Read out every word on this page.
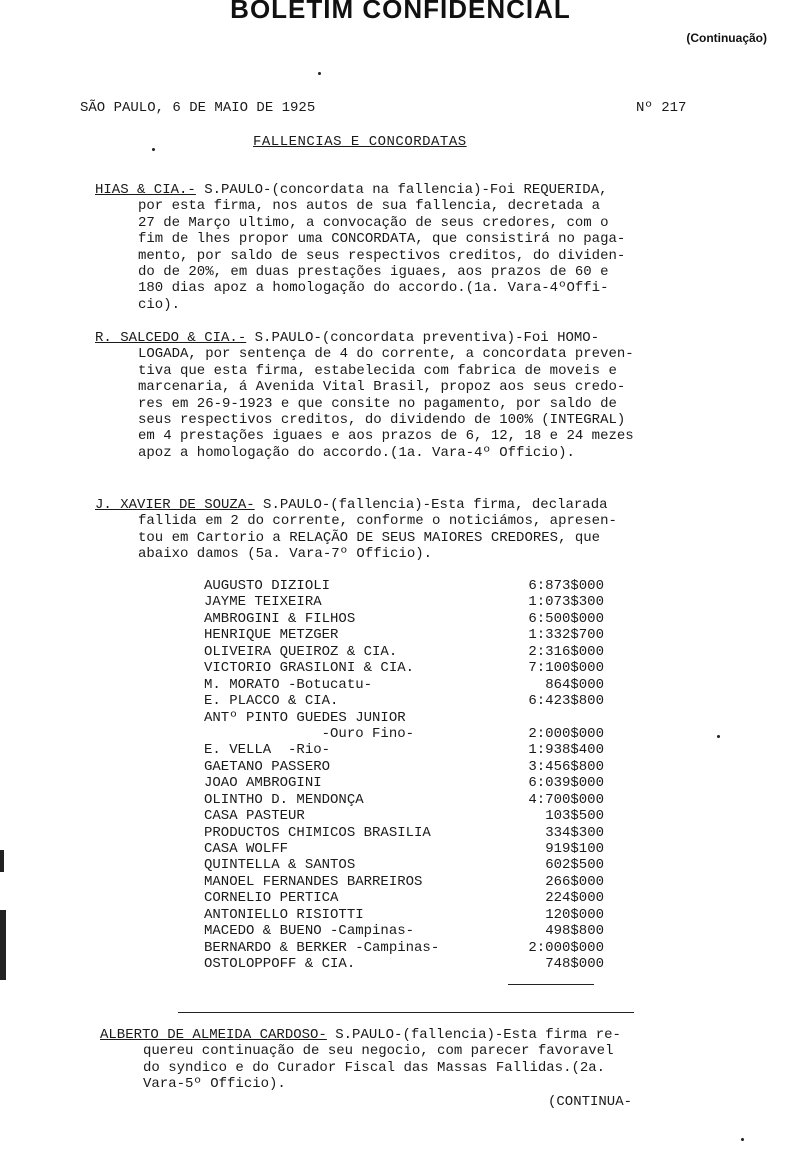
BOLETIM CONFIDENCIAL
(Continuação)
SÃO PAULO, 6 DE MAIO DE 1925	Nº 217
FALLENCIAS E CONCORDATAS
HIAS & CIA.- S.PAULO-(concordata na fallencia)-Foi REQUERIDA,
por esta firma, nos autos de sua fallencia, decretada a
27 de Março ultimo, a convocação de seus credores, com o
fim de lhes propor uma CONCORDATA, que consistirá no paga-
mento, por saldo de seus respectivos creditos, do dividen-
do de 20%, em duas prestações iguaes, aos prazos de 60 e
180 dias apoz a homologação do accordo.(1a. Vara-4ºOffi-
cio).
R. SALCEDO & CIA.- S.PAULO-(concordata preventiva)-Foi HOMO-
LOGADA, por sentença de 4 do corrente, a concordata preven-
tiva que esta firma, estabelecida com fabrica de moveis e
marcenaria, á Avenida Vital Brasil, propoz aos seus credo-
res em 26-9-1923 e que consite no pagamento, por saldo de
seus respectivos creditos, do dividendo de 100% (INTEGRAL)
em 4 prestações iguaes e aos prazos de 6, 12, 18 e 24 mezes
apoz a homologação do accordo.(1a. Vara-4º Officio).
J. XAVIER DE SOUZA- S.PAULO-(fallencia)-Esta firma, declarada
fallida em 2 do corrente, conforme o noticiámos, apresen-
tou em Cartorio a RELAÇÃO DE SEUS MAIORES CREDORES, que
abaixo damos (5a. Vara-7º Officio).
AUGUSTO DIZIOLI	6:873$000
JAYME TEIXEIRA	1:073$300
AMBROGINI & FILHOS	6:500$000
HENRIQUE METZGER	1:332$700
OLIVEIRA QUEIROZ & CIA.	2:316$000
VICTORIO GRASILONI & CIA.	7:100$000
M. MORATO -Botucatu-	864$000
E. PLACCO & CIA.	6:423$800
ANTº PINTO GUEDES JUNIOR
-Ouro Fino-	2:000$000
E. VELLA  -Rio-	1:938$400
GAETANO PASSERO	3:456$800
JOAO AMBROGINI	6:039$000
OLINTHO D. MENDONÇA	4:700$000
CASA PASTEUR	103$500
PRODUCTOS CHIMICOS BRASILIA	334$300
CASA WOLFF	919$100
QUINTELLA & SANTOS	602$500
MANOEL FERNANDES BARREIROS	266$000
CORNELIO PERTICA	224$000
ANTONIELLO RISIOTTI	120$000
MACEDO & BUENO -Campinas-	498$800
BERNARDO & BERKER -Campinas-	2:000$000
OSTOLOPPOFF & CIA.	748$000
ALBERTO DE ALMEIDA CARDOSO- S.PAULO-(fallencia)-Esta firma re-
quereu continuação de seu negocio, com parecer favoravel
do syndico e do Curador Fiscal das Massas Fallidas.(2a.
Vara-5º Officio).
(CONTINUA-
